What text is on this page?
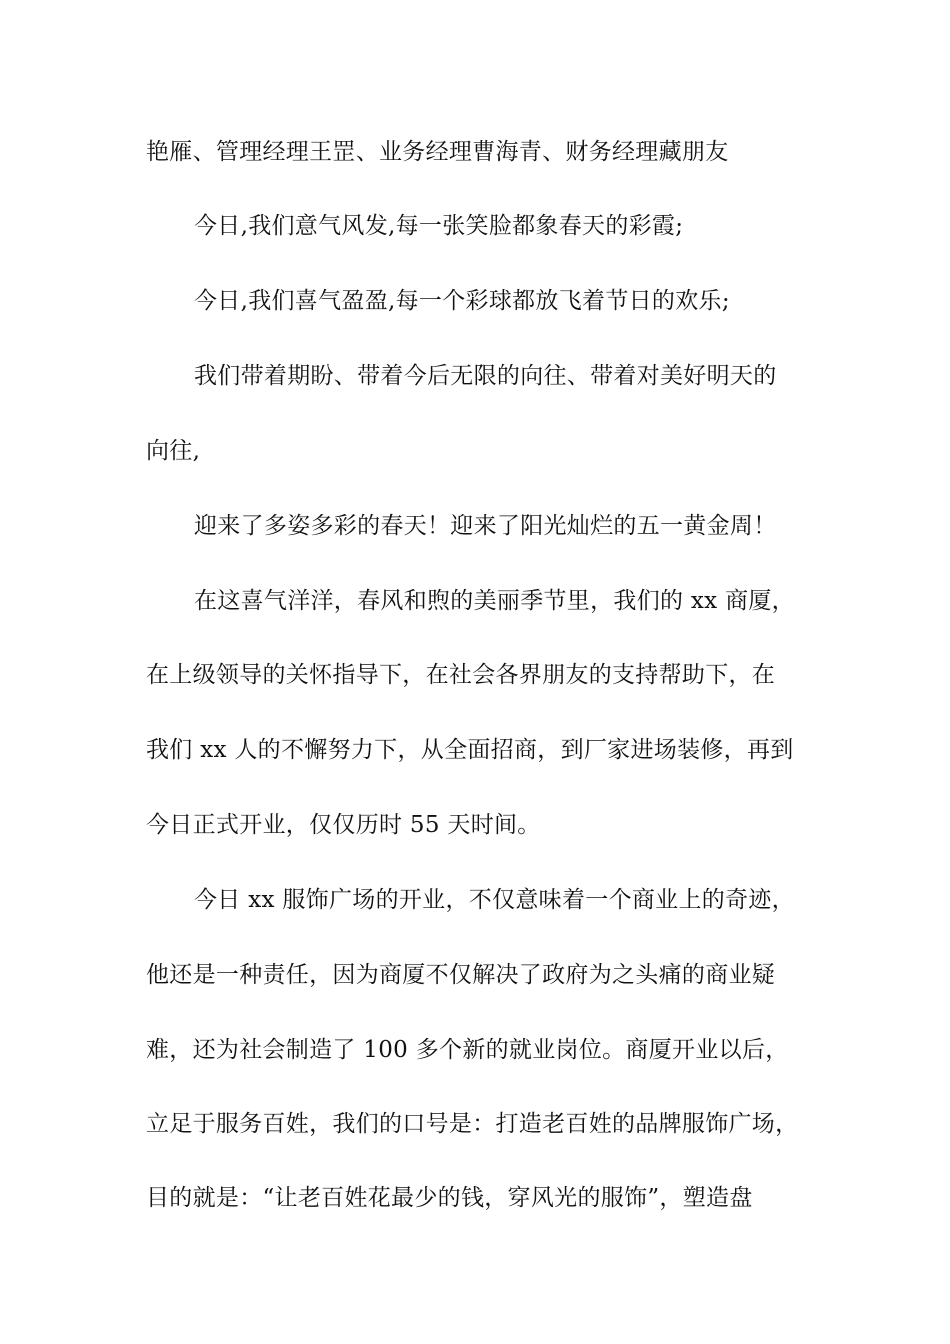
艳雁、管理经理王罡、业务经理曹海青、财务经理藏朋友
今日,我们意气风发,每一张笑脸都象春天的彩霞;
今日,我们喜气盈盈,每一个彩球都放飞着节日的欢乐;
我们带着期盼、带着今后无限的向往、带着对美好明天的
向往,
迎来了多姿多彩的春天！迎来了阳光灿烂的五一黄金周！
在这喜气洋洋，春风和煦的美丽季节里，我们的 xx 商厦，
在上级领导的关怀指导下，在社会各界朋友的支持帮助下，在
我们 xx 人的不懈努力下，从全面招商，到厂家进场装修，再到
今日正式开业，仅仅历时 55 天时间。
今日 xx 服饰广场的开业，不仅意味着一个商业上的奇迹，
他还是一种责任，因为商厦不仅解决了政府为之头痛的商业疑
难，还为社会制造了 100 多个新的就业岗位。商厦开业以后，
立足于服务百姓，我们的口号是：打造老百姓的品牌服饰广场，
目的就是：“让老百姓花最少的钱，穿风光的服饰”，塑造盘
